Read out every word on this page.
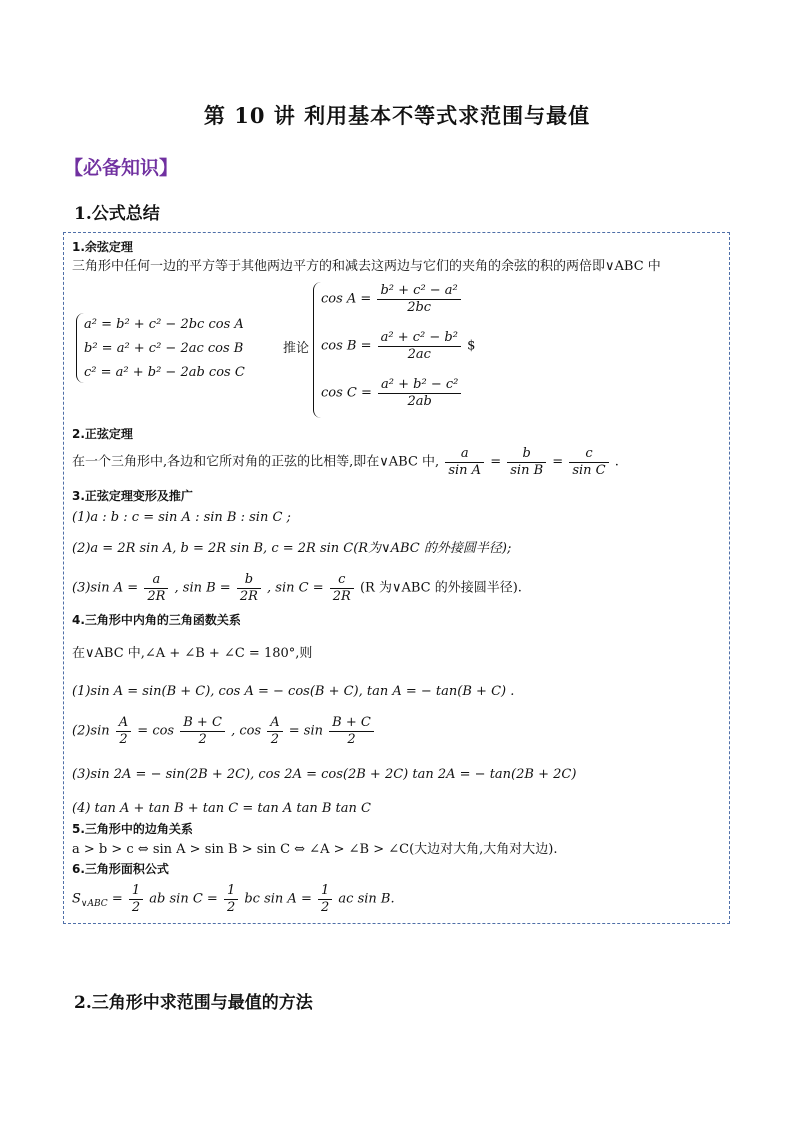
第 10 讲 利用基本不等式求范围与最值
【必备知识】
1.公式总结
1.余弦定理
三角形中任何一边的平方等于其他两边平方的和减去这两边与它们的夹角的余弦的积的两倍即∨ABC 中
a² = b² + c² − 2bc cos A
b² = a² + c² − 2ac cos B
c² = a² + b² − 2ab cos C
推论
$\cos A = \frac{\text{b² + c² − a²}}{2bc}$
$\cos B = \frac{\text{a² + c² − b²}}{2ac}$ $
$\cos C = \frac{\text{a² + b² − c²}}{2ab}$
2.正弦定理
在一个三角形中,各边和它所对角的正弦的比相等,即在∨ABC 中, $\frac{a}{\text{sin A}} = \frac{b}{\text{sin B}} = \frac{c}{\text{sin C}}$ .
3.正弦定理变形及推广
(1)a : b : c = sin A : sin B : sin C ;
(2)a = 2R sin A, b = 2R sin B, c = 2R sin C(R为∨ABC 的外接圆半径);
(3)sin $A = \frac{a}{2R}$ , $\sin B = \frac{b}{2R}$ , $\sin C = \frac{c}{2R} (R$ 为∨ABC 的外接圆半径).
4.三角形中内角的三角函数关系
在∨ABC 中,∠A + ∠B + ∠C = 180°,则
(1)sin A = sin(B + C), cos A = − cos(B + C), tan A = − tan(B + C) .
$(2)\sin \frac{A}{2} = \cos \frac{B + C}{2}$ , $\cos \frac{A}{2} = \sin \frac{B + C}{2}$
(3)sin 2A = − sin(2B + 2C), cos 2A = cos(2B + 2C) tan 2A = − tan(2B + 2C)
(4) tan A + tan B + tan C = tan A tan B tan C
5.三角形中的边角关系
a > b > c ⇔ sin A > sin B > sin C ⇔ ∠A > ∠B > ∠C(大边对大角,大角对大边).
6.三角形面积公式
$S_{\vee ABC} = \frac{1}{2}$ ab $\sin C = \frac{1}{2}$ bc $\sin A = \frac{1}{2}$ ac sin B.
2.三角形中求范围与最值的方法
